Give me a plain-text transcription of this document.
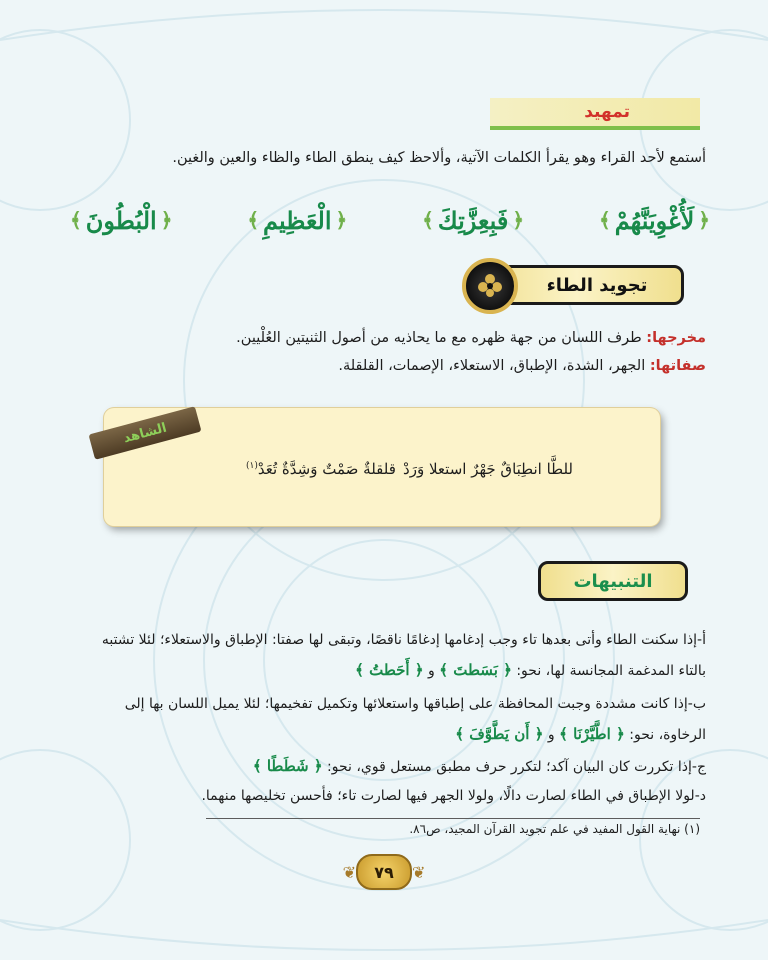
تمهيد
أستمع لأحد القراء وهو يقرأ الكلمات الآتية، وألاحظ كيف ينطق الطاء والظاء والعين والغين.
﴿
الْبُطُونَ
﴾	﴿
الْعَظِيمِ
﴾	﴿
فَبِعِزَّتِكَ
﴾	﴿
لَأُغْوِيَنَّهُمْ
﴾
تجويد الطاء
مخرجها: طرف اللسان من جهة ظهره مع ما يحاذيه من أصول الثنيتين العُلْيين.
صفاتها: الجهر، الشدة، الإطباق، الاستعلاء، الإصمات، القلقلة.
الشاهد
للطَّا انطِبَاقٌ جَهْرٌ استعلا وَرَدْ
قلقلةٌ صَمْتٌ وَشِدَّةٌ تُعَدْ$^{(١)}$
التنبيهات
أ-إذا سكنت الطاء وأتى بعدها تاء وجب إدغامها إدغامًا ناقصًا، وتبقى لها صفتا: الإطباق والاستعلاء؛ لئلا تشتبه
بالتاء المدغمة المجانسة لها، نحو: ﴿ بَسَطتَ ﴾ و ﴿ أَحَطتُ ﴾
ب-إذا كانت مشددة وجبت المحافظة على إطباقها واستعلائها وتكميل تفخيمها؛ لئلا يميل اللسان بها إلى
الرخاوة، نحو: ﴿ اطَّيَّرْنَا ﴾ و ﴿ أَن يَطَّوَّفَ ﴾
ج-إذا تكررت كان البيان آكد؛ لتكرر حرف مطبق مستعل قوي، نحو: ﴿ شَطَطًا ﴾
د-لولا الإطباق في الطاء لصارت دالًا، ولولا الجهر فيها لصارت تاء؛ فأحسن تخليصها منهما.
(١) نهاية القول المفيد في علم تجويد القرآن المجيد، ص٨٦.
❦	٧٩	❦
